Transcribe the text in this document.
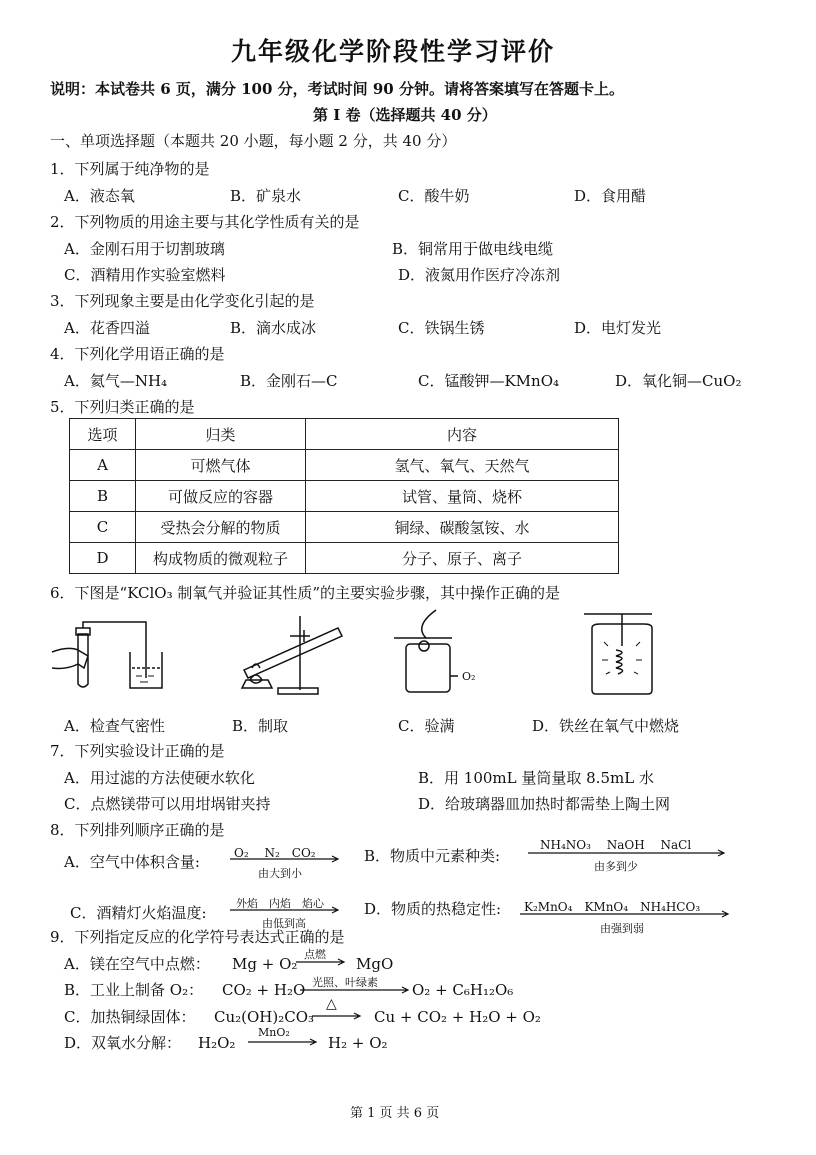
九年级化学阶段性学习评价
说明：本试卷共 6 页，满分 100 分，考试时间 90 分钟。请将答案填写在答题卡上。
第 I 卷（选择题共 40 分）
一、单项选择题（本题共 20 小题，每小题 2 分，共 40 分）
1．下列属于纯净物的是
A．液态氧	B．矿泉水	C．酸牛奶	D．食用醋
2．下列物质的用途主要与其化学性质有关的是
A．金刚石用于切割玻璃	B．铜常用于做电线电缆
C．酒精用作实验室燃料	D．液氮用作医疗冷冻剂
3．下列现象主要是由化学变化引起的是
A．花香四溢	B．滴水成冰	C．铁锅生锈	D．电灯发光
4．下列化学用语正确的是
A．氦气—NH₄	B．金刚石—C	C．锰酸钾—KMnO₄	D．氧化铜—CuO₂
5．下列归类正确的是
选项	归类	内容
A	可燃气体	氢气、氧气、天然气
B	可做反应的容器	试管、量筒、烧杯
C	受热会分解的物质	铜绿、碳酸氢铵、水
D	构成物质的微观粒子	分子、原子、离子
6．下图是“KClO₃ 制氧气并验证其性质”的主要实验步骤，其中操作正确的是
O₂
A．检查气密性	B．制取	C．验满	D．铁丝在氧气中燃烧
7．下列实验设计正确的是
A．用过滤的方法使硬水软化	B．用 100mL 量筒量取 8.5mL 水
C．点燃镁带可以用坩埚钳夹持	D．给玻璃器皿加热时都需垫上陶土网
8．下列排列顺序正确的是
A．空气中体积含量:	O₂　 N₂　CO₂
由大到小
B．物质中元素种类:
NH₄NO₃　 NaOH　 NaCl
由多到少
C．酒精灯火焰温度:
外焰　内焰　焰心
由低到高
D．物质的热稳定性: K₂MnO₄　KMnO₄　NH₄HCO₃
由强到弱
9．下列指定反应的化学符号表达式正确的是
A．镁在空气中点燃： Mg + O₂
点燃
MgO
B．工业上制备 O₂： CO₂ + H₂O 光照、叶绿素 O₂ + C₆H₁₂O₆
C．加热铜绿固体： Cu₂(OH)₂CO₃
△
Cu + CO₂ + H₂O + O₂
D．双氧水分解： H₂O₂
MnO₂
H₂ + O₂
第 1 页 共 6 页
